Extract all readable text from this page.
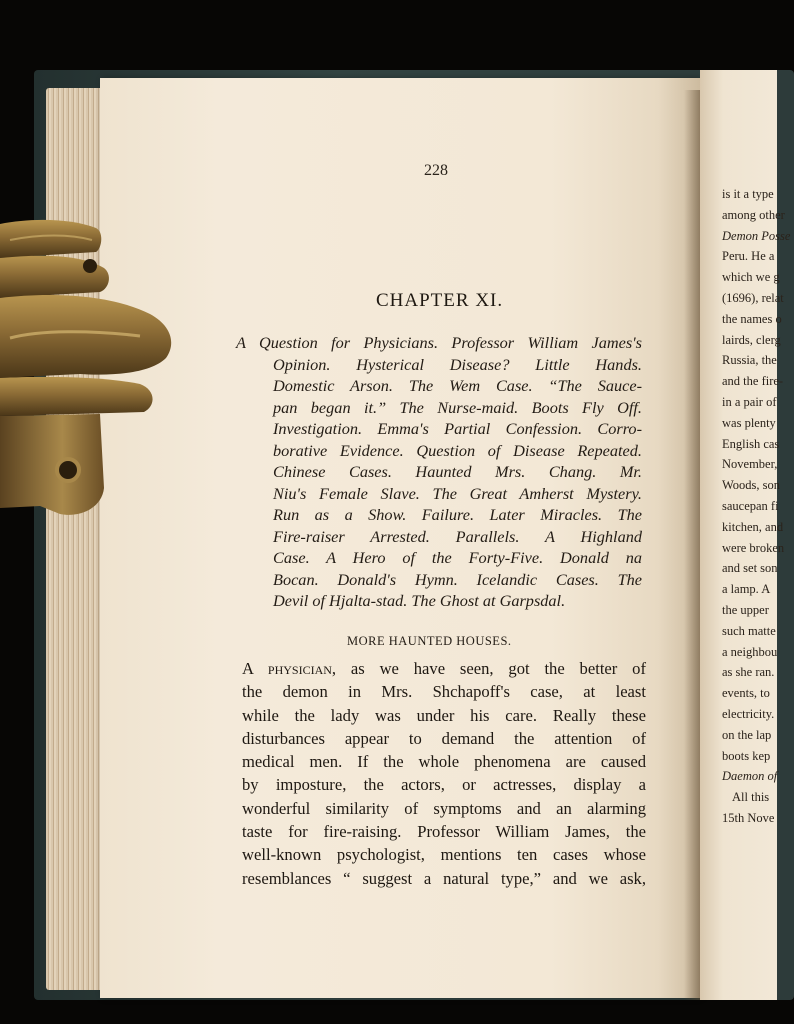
is it a type
among other
Demon Posse
Peru. He a
which we g
(1696), relat
the names o
lairds, clerg
Russia, the
and the fire-
in a pair of
was plenty
English cas
November,
Woods, son
saucepan fi
kitchen, and
were broken
and set son
a lamp. A
the upper
such matte
a neighbou
as she ran.
events, to
electricity.
on the lap
boots kep
Daemon of
All this
15th Nove
228
CHAPTER XI.
A Question for Physicians. Professor William James's
Opinion. Hysterical Disease? Little Hands.
Domestic Arson. The Wem Case. “The Sauce-
pan began it.” The Nurse-maid. Boots Fly Off.
Investigation. Emma's Partial Confession. Corro-
borative Evidence. Question of Disease Repeated.
Chinese Cases. Haunted Mrs. Chang. Mr.
Niu's Female Slave. The Great Amherst Mystery.
Run as a Show. Failure. Later Miracles. The
Fire-raiser Arrested. Parallels. A Highland
Case. A Hero of the Forty-Five. Donald na
Bocan. Donald's Hymn. Icelandic Cases. The
Devil of Hjalta-stad. The Ghost at Garpsdal.
MORE HAUNTED HOUSES.
A physician, as we have seen, got the better of
the demon in Mrs. Shchapoff's case, at least
while the lady was under his care. Really these
disturbances appear to demand the attention of
medical men. If the whole phenomena are caused
by imposture, the actors, or actresses, display a
wonderful similarity of symptoms and an alarming
taste for fire-raising. Professor William James, the
well-known psychologist, mentions ten cases whose
resemblances “ suggest a natural type,” and we ask,
